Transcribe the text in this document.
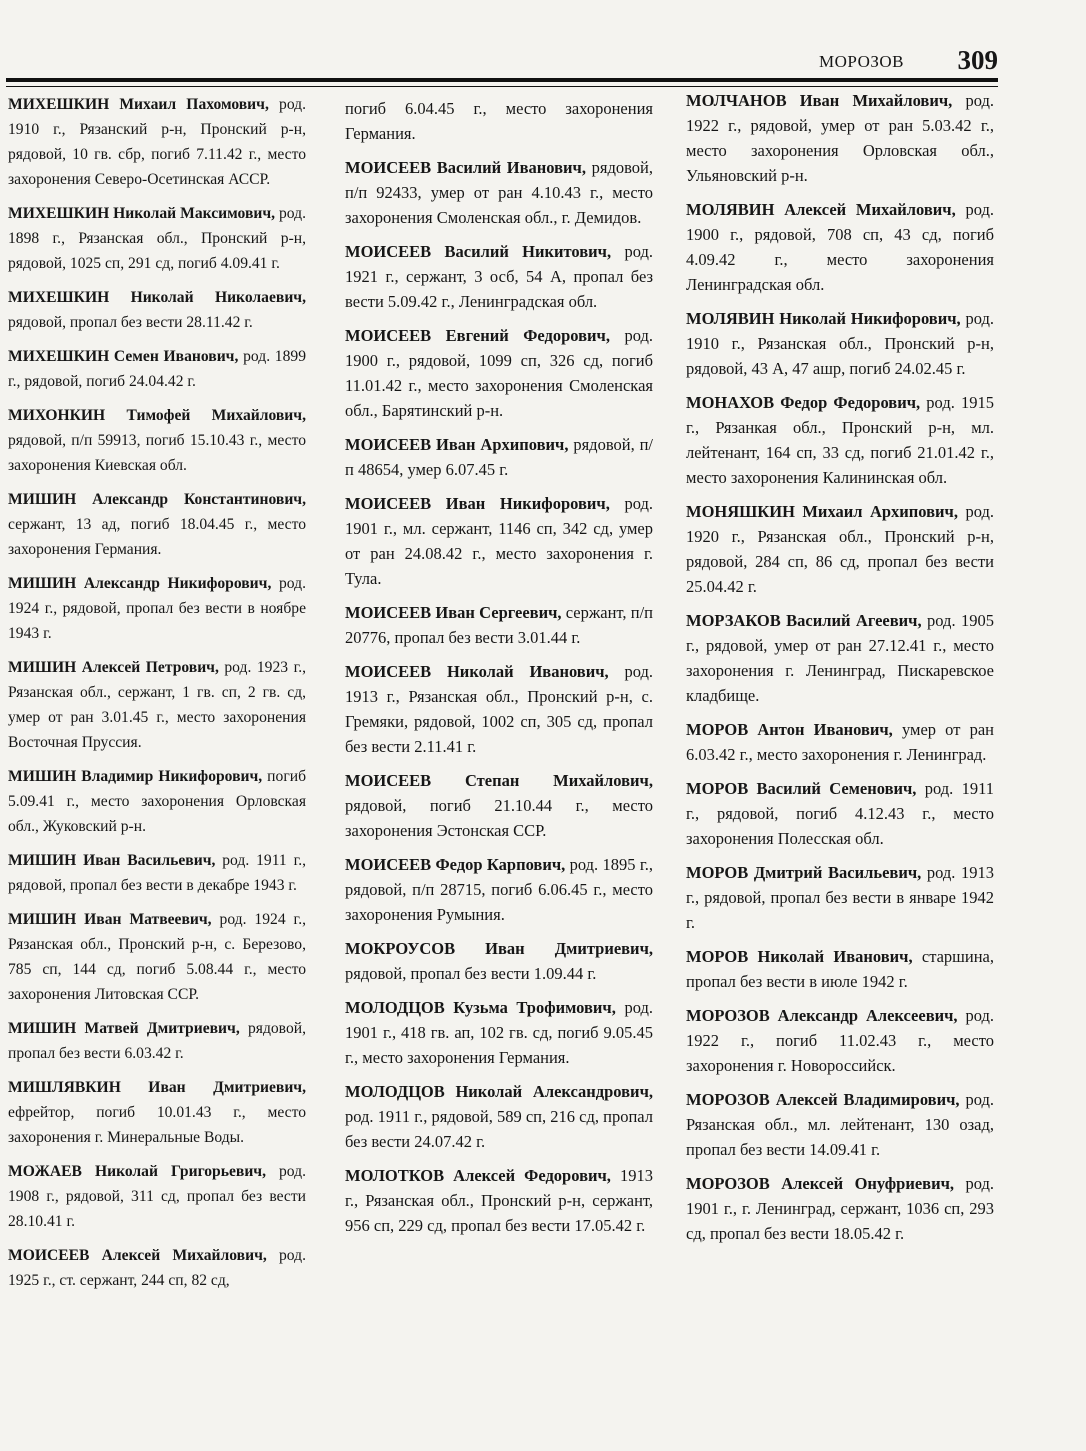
МОРОЗОВ 309

МИХЕШКИН Михаил Пахомович, род. 1910 г., Рязанский р-н, Пронский р-н, рядовой, 10 гв. сбр, погиб 7.11.42 г., место захоронения Северо-Осетинская АССР.

МИХЕШКИН Николай Максимович, род. 1898 г., Рязанская обл., Пронский р-н, рядовой, 1025 сп, 291 сд, погиб 4.09.41 г.

МИХЕШКИН Николай Николаевич, рядовой, пропал без вести 28.11.42 г.

МИХЕШКИН Семен Иванович, род. 1899 г., рядовой, погиб 24.04.42 г.

МИХОНКИН Тимофей Михайлович, рядовой, п/п 59913, погиб 15.10.43 г., место захоронения Киевская обл.

МИШИН Александр Константинович, сержант, 13 ад, погиб 18.04.45 г., место захоронения Германия.

МИШИН Александр Никифорович, род. 1924 г., рядовой, пропал без вести в ноябре 1943 г.

МИШИН Алексей Петрович, род. 1923 г., Рязанская обл., сержант, 1 гв. сп, 2 гв. сд, умер от ран 3.01.45 г., место захоронения Восточная Пруссия.

МИШИН Владимир Никифорович, погиб 5.09.41 г., место захоронения Орловская обл., Жуковский р-н.

МИШИН Иван Васильевич, род. 1911 г., рядовой, пропал без вести в декабре 1943 г.

МИШИН Иван Матвеевич, род. 1924 г., Рязанская обл., Пронский р-н, с. Березово, 785 сп, 144 сд, погиб 5.08.44 г., место захоронения Литовская ССР.

МИШИН Матвей Дмитриевич, рядовой, пропал без вести 6.03.42 г.

МИШЛЯВКИН Иван Дмитриевич, ефрейтор, погиб 10.01.43 г., место захоронения г. Минеральные Воды.

МОЖАЕВ Николай Григорьевич, род. 1908 г., рядовой, 311 сд, пропал без вести 28.10.41 г.

МОИСЕЕВ Алексей Михайлович, род. 1925 г., ст. сержант, 244 сп, 82 сд,

погиб 6.04.45 г., место захоронения Германия.

МОИСЕЕВ Василий Иванович, рядовой, п/п 92433, умер от ран 4.10.43 г., место захоронения Смоленская обл., г. Демидов.

МОИСЕЕВ Василий Никитович, род. 1921 г., сержант, 3 осб, 54 А, пропал без вести 5.09.42 г., Ленинградская обл.

МОИСЕЕВ Евгений Федорович, род. 1900 г., рядовой, 1099 сп, 326 сд, погиб 11.01.42 г., место захоронения Смоленская обл., Барятинский р-н.

МОИСЕЕВ Иван Архипович, рядовой, п/п 48654, умер 6.07.45 г.

МОИСЕЕВ Иван Никифорович, род. 1901 г., мл. сержант, 1146 сп, 342 сд, умер от ран 24.08.42 г., место захоронения г. Тула.

МОИСЕЕВ Иван Сергеевич, сержант, п/п 20776, пропал без вести 3.01.44 г.

МОИСЕЕВ Николай Иванович, род. 1913 г., Рязанская обл., Пронский р-н, с. Гремяки, рядовой, 1002 сп, 305 сд, пропал без вести 2.11.41 г.

МОИСЕЕВ Степан Михайлович, рядовой, погиб 21.10.44 г., место захоронения Эстонская ССР.

МОИСЕЕВ Федор Карпович, род. 1895 г., рядовой, п/п 28715, погиб 6.06.45 г., место захоронения Румыния.

МОКРОУСОВ Иван Дмитриевич, рядовой, пропал без вести 1.09.44 г.

МОЛОДЦОВ Кузьма Трофимович, род. 1901 г., 418 гв. ап, 102 гв. сд, погиб 9.05.45 г., место захоронения Германия.

МОЛОДЦОВ Николай Александрович, род. 1911 г., рядовой, 589 сп, 216 сд, пропал без вести 24.07.42 г.

МОЛОТКОВ Алексей Федорович, 1913 г., Рязанская обл., Пронский р-н, сержант, 956 сп, 229 сд, пропал без вести 17.05.42 г.

МОЛЧАНОВ Иван Михайлович, род. 1922 г., рядовой, умер от ран 5.03.42 г., место захоронения Орловская обл., Ульяновский р-н.

МОЛЯВИН Алексей Михайлович, род. 1900 г., рядовой, 708 сп, 43 сд, погиб 4.09.42 г., место захоронения Ленинградская обл.

МОЛЯВИН Николай Никифорович, род. 1910 г., Рязанская обл., Пронский р-н, рядовой, 43 А, 47 ашр, погиб 24.02.45 г.

МОНАХОВ Федор Федорович, род. 1915 г., Рязанкая обл., Пронский р-н, мл. лейтенант, 164 сп, 33 сд, погиб 21.01.42 г., место захоронения Калининская обл.

МОНЯШКИН Михаил Архипович, род. 1920 г., Рязанская обл., Пронский р-н, рядовой, 284 сп, 86 сд, пропал без вести 25.04.42 г.

МОРЗАКОВ Василий Агеевич, род. 1905 г., рядовой, умер от ран 27.12.41 г., место захоронения г. Ленинград, Пискаревское кладбище.

МОРОВ Антон Иванович, умер от ран 6.03.42 г., место захоронения г. Ленинград.

МОРОВ Василий Семенович, род. 1911 г., рядовой, погиб 4.12.43 г., место захоронения Полесская обл.

МОРОВ Дмитрий Васильевич, род. 1913 г., рядовой, пропал без вести в январе 1942 г.

МОРОВ Николай Иванович, старшина, пропал без вести в июле 1942 г.

МОРОЗОВ Александр Алексеевич, род. 1922 г., погиб 11.02.43 г., место захоронения г. Новороссийск.

МОРОЗОВ Алексей Владимирович, род. Рязанская обл., мл. лейтенант, 130 озад, пропал без вести 14.09.41 г.

МОРОЗОВ Алексей Онуфриевич, род. 1901 г., г. Ленинград, сержант, 1036 сп, 293 сд, пропал без вести 18.05.42 г.
